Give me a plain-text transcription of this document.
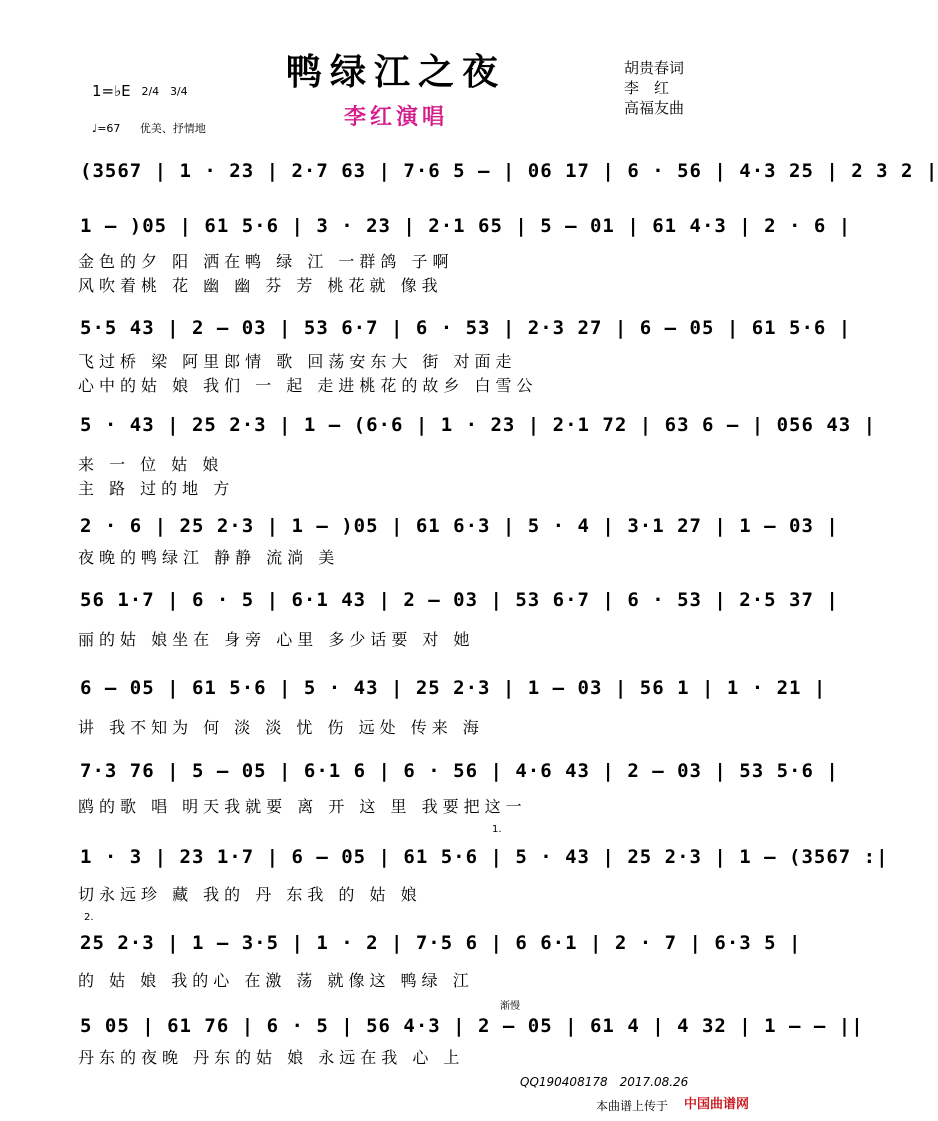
鸭绿江之夜
李红演唱
1=♭E 2/4 3/4
♩=67 优美、抒情地
胡贵春词
李　红
高福友曲
(3567 | 1 · 23 | 2·7 63 | 7·6 5 – | 06 17 | 6 · 56 | 4·3 25 | 2 3 2 |
1 – )05 | 61 5·6 | 3 · 23 | 2·1 65 | 5 – 01 | 61 4·3 | 2 · 6 |
金色的夕 阳 洒在鸭 绿 江 一群鸽 子啊
风吹着桃 花 幽 幽 芬 芳 桃花就 像我
5·5 43 | 2 – 03 | 53 6·7 | 6 · 53 | 2·3 27 | 6 – 05 | 61 5·6 |
飞过桥 梁 阿里郎情 歌 回荡安东大 街 对面走
心中的姑 娘 我们 一 起 走进桃花的故乡 白雪公
5 · 43 | 25 2·3 | 1 – (6·6 | 1 · 23 | 2·1 72 | 63 6 – | 056 43 |
来 一 位 姑 娘
主 路 过的地 方
2 · 6 | 25 2·3 | 1 – )05 | 61 6·3 | 5 · 4 | 3·1 27 | 1 – 03 |
夜晚的鸭绿江 静静 流淌 美
56 1·7 | 6 · 5 | 6·1 43 | 2 – 03 | 53 6·7 | 6 · 53 | 2·5 37 |
丽的姑 娘坐在 身旁 心里 多少话要 对 她
6 – 05 | 61 5·6 | 5 · 43 | 25 2·3 | 1 – 03 | 56 1 | 1 · 21 |
讲 我不知为 何 淡 淡 忧 伤 远处 传来 海
7·3 76 | 5 – 05 | 6·1 6 | 6 · 56 | 4·6 43 | 2 – 03 | 53 5·6 |
鸥的歌 唱 明天我就要 离 开 这 里 我要把这一
1 · 3 | 23 1·7 | 6 – 05 | 61 5·6 | 5 · 43 | 25 2·3 | 1 – (3567 :|
切永远珍 藏 我的 丹 东我 的 姑 娘
25 2·3 | 1 – 3·5 | 1 · 2 | 7·5 6 | 6 6·1 | 2 · 7 | 6·3 5 |
的 姑 娘 我的心 在激 荡 就像这 鸭绿 江
5 05 | 61 76 | 6 · 5 | 56 4·3 | 2 – 05 | 61 4 | 4 32 | 1 – – ||
丹东的夜晚 丹东的姑 娘 永远在我 心 上
1.
2.
渐慢
QQ190408178　2017.08.26
本曲谱上传于 中国曲谱网
